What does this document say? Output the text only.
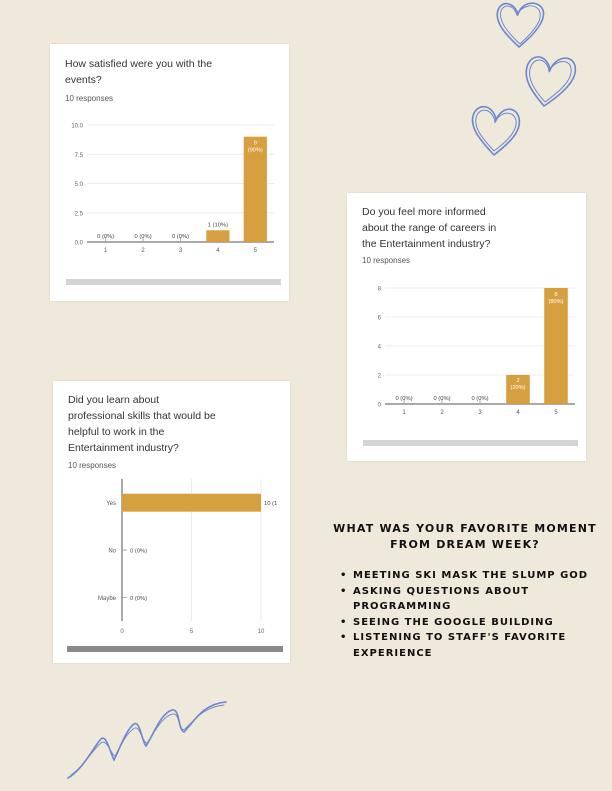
How satisfied were you with the events?
10 responses
0.0
2.5
5.0
7.5
10.0
1
0 (0%)
2
0 (0%)
3
0 (0%)
4
1 (10%)
5
9
(90%)
Do you feel more informed about the range of careers in the Entertainment industry?
10 responses
0
2
4
6
8
1
0 (0%)
2
0 (0%)
3
0 (0%)
4
2
(20%)
5
8
(80%)
Did you learn about professional skills that would be helpful to work in the Entertainment industry?
10 responses
0	5	10
Yes	10 (1
No 0 (0%)
Maybe 0 (0%)
WHAT WAS YOUR FAVORITE MOMENT FROM DREAM WEEK?
• MEETING SKI MASK THE SLUMP GOD
• ASKING QUESTIONS ABOUT PROGRAMMING
• SEEING THE GOOGLE BUILDING
• LISTENING TO STAFF'S FAVORITE EXPERIENCE
